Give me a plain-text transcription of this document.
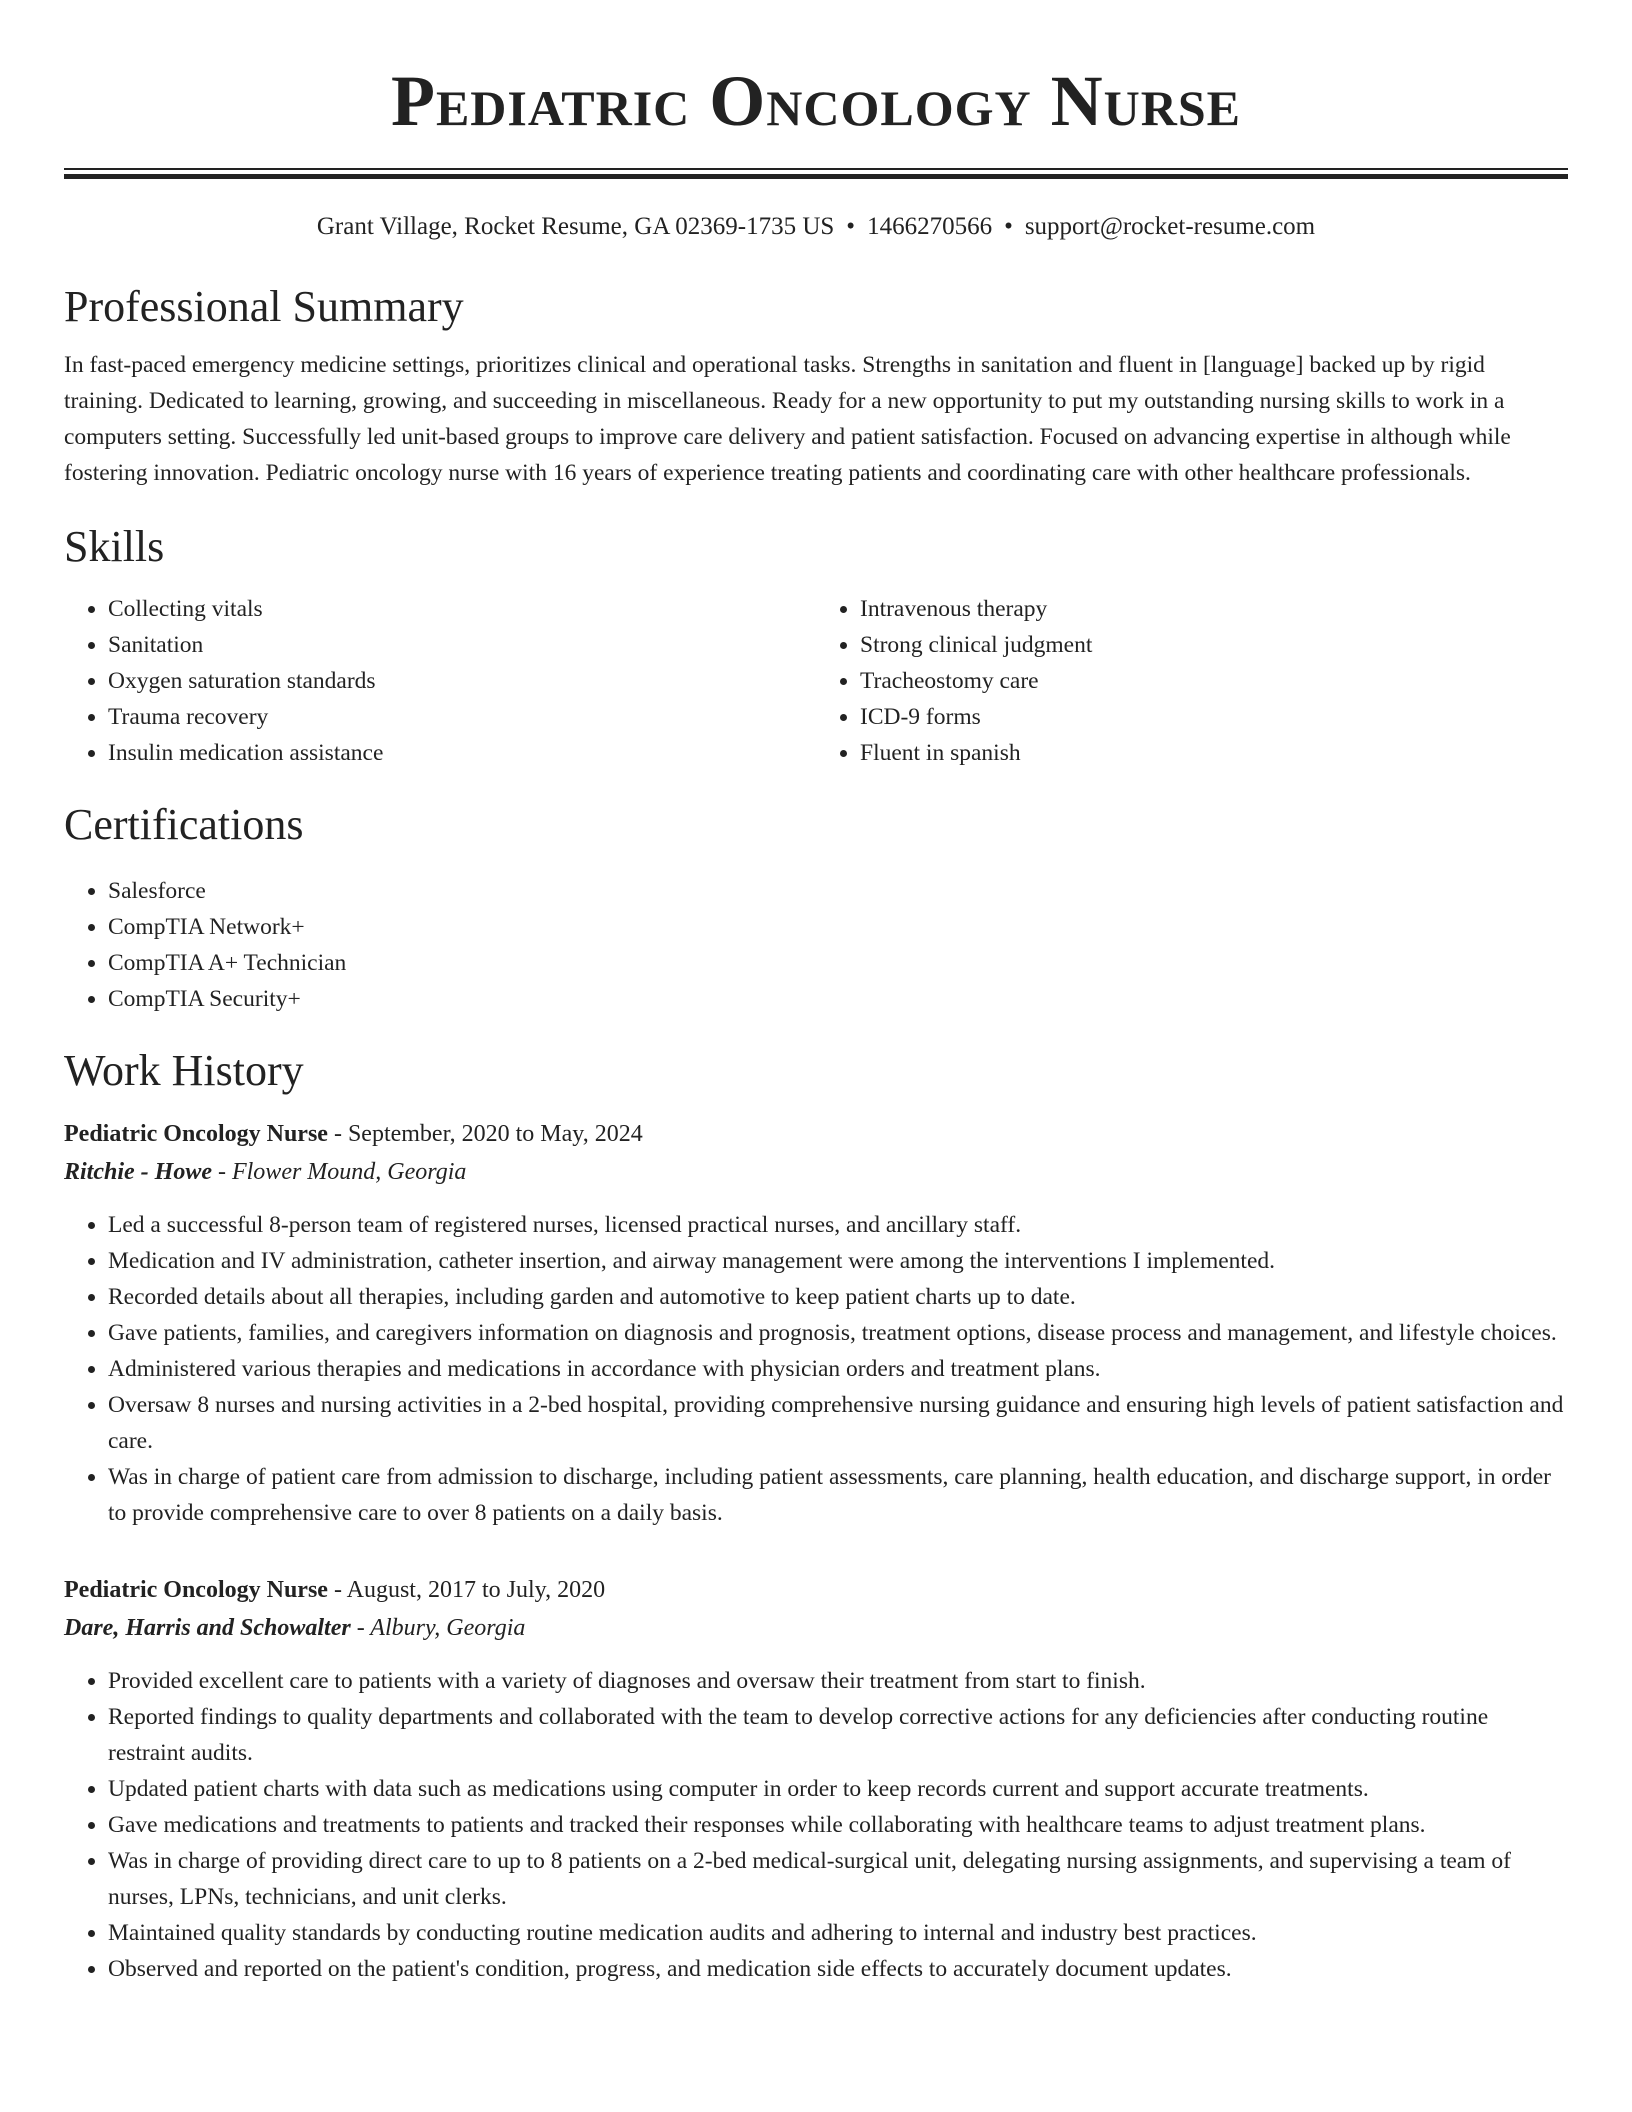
Pediatric Oncology Nurse
Grant Village, Rocket Resume, GA 02369-1735 US • 1466270566 • support@rocket-resume.com
Professional Summary
In fast-paced emergency medicine settings, prioritizes clinical and operational tasks. Strengths in sanitation and fluent in [language] backed up by rigid training. Dedicated to learning, growing, and succeeding in miscellaneous. Ready for a new opportunity to put my outstanding nursing skills to work in a computers setting. Successfully led unit-based groups to improve care delivery and patient satisfaction. Focused on advancing expertise in although while fostering innovation. Pediatric oncology nurse with 16 years of experience treating patients and coordinating care with other healthcare professionals.
Skills
• Collecting vitals
• Sanitation
• Oxygen saturation standards
• Trauma recovery
• Insulin medication assistance
• Intravenous therapy
• Strong clinical judgment
• Tracheostomy care
• ICD-9 forms
• Fluent in spanish
Certifications
• Salesforce
• CompTIA Network+
• CompTIA A+ Technician
• CompTIA Security+
Work History
Pediatric Oncology Nurse - September, 2020 to May, 2024
Ritchie - Howe - Flower Mound, Georgia
• Led a successful 8-person team of registered nurses, licensed practical nurses, and ancillary staff.
• Medication and IV administration, catheter insertion, and airway management were among the interventions I implemented.
• Recorded details about all therapies, including garden and automotive to keep patient charts up to date.
• Gave patients, families, and caregivers information on diagnosis and prognosis, treatment options, disease process and management, and lifestyle choices.
• Administered various therapies and medications in accordance with physician orders and treatment plans.
• Oversaw 8 nurses and nursing activities in a 2-bed hospital, providing comprehensive nursing guidance and ensuring high levels of patient satisfaction and care.
• Was in charge of patient care from admission to discharge, including patient assessments, care planning, health education, and discharge support, in order to provide comprehensive care to over 8 patients on a daily basis.
Pediatric Oncology Nurse - August, 2017 to July, 2020
Dare, Harris and Schowalter - Albury, Georgia
• Provided excellent care to patients with a variety of diagnoses and oversaw their treatment from start to finish.
• Reported findings to quality departments and collaborated with the team to develop corrective actions for any deficiencies after conducting routine restraint audits.
• Updated patient charts with data such as medications using computer in order to keep records current and support accurate treatments.
• Gave medications and treatments to patients and tracked their responses while collaborating with healthcare teams to adjust treatment plans.
• Was in charge of providing direct care to up to 8 patients on a 2-bed medical-surgical unit, delegating nursing assignments, and supervising a team of nurses, LPNs, technicians, and unit clerks.
• Maintained quality standards by conducting routine medication audits and adhering to internal and industry best practices.
• Observed and reported on the patient's condition, progress, and medication side effects to accurately document updates.
